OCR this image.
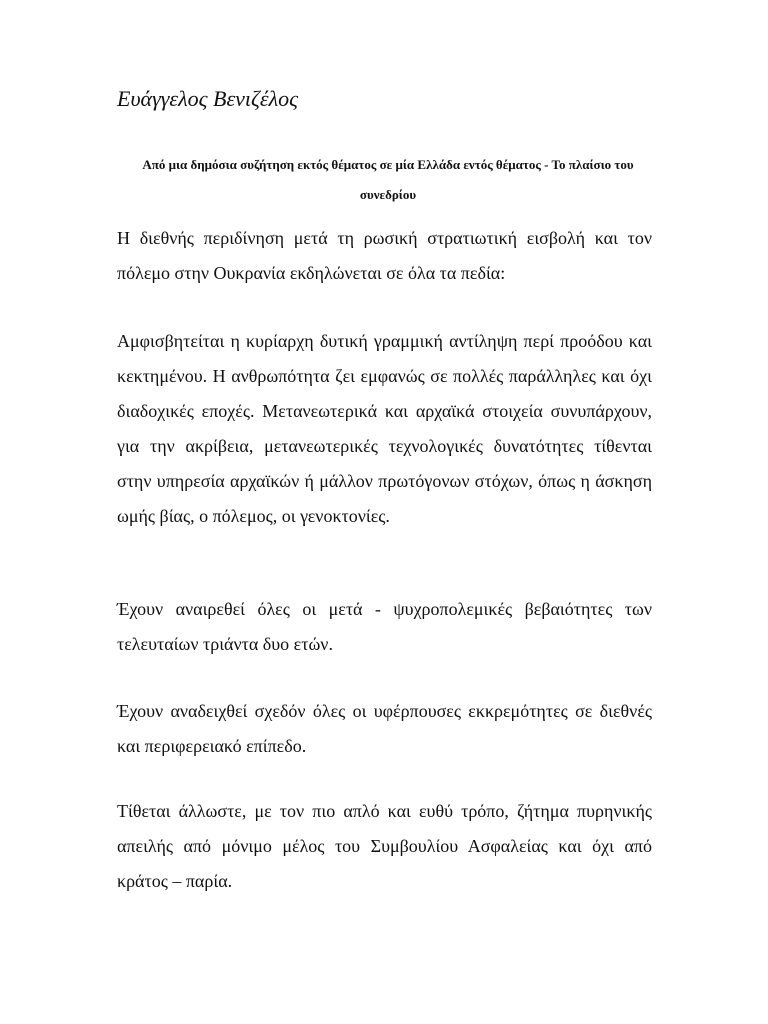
Ευάγγελος Βενιζέλος

Από μια δημόσια συζήτηση εκτός θέματος σε μία Ελλάδα εντός θέματος - Το πλαίσιο του συνεδρίου

Η διεθνής περιδίνηση μετά τη ρωσική στρατιωτική εισβολή και τον πόλεμο στην Ουκρανία εκδηλώνεται σε όλα τα πεδία:

Αμφισβητείται η κυρίαρχη δυτική γραμμική αντίληψη περί προόδου και κεκτημένου. Η ανθρωπότητα ζει εμφανώς σε πολλές παράλληλες και όχι διαδοχικές εποχές. Μετανεωτερικά και αρχαϊκά στοιχεία συνυπάρχουν, για την ακρίβεια, μετανεωτερικές τεχνολογικές δυνατότητες τίθενται στην υπηρεσία αρχαϊκών ή μάλλον πρωτόγονων στόχων, όπως η άσκηση ωμής βίας, ο πόλεμος, οι γενοκτονίες.

Έχουν αναιρεθεί όλες οι μετά - ψυχροπολεμικές βεβαιότητες των τελευταίων τριάντα δυο ετών.

Έχουν αναδειχθεί σχεδόν όλες οι υφέρπουσες εκκρεμότητες σε διεθνές και περιφερειακό επίπεδο.

Τίθεται άλλωστε, με τον πιο απλό και ευθύ τρόπο, ζήτημα πυρηνικής απειλής από μόνιμο μέλος του Συμβουλίου Ασφαλείας και όχι από κράτος – παρία.
